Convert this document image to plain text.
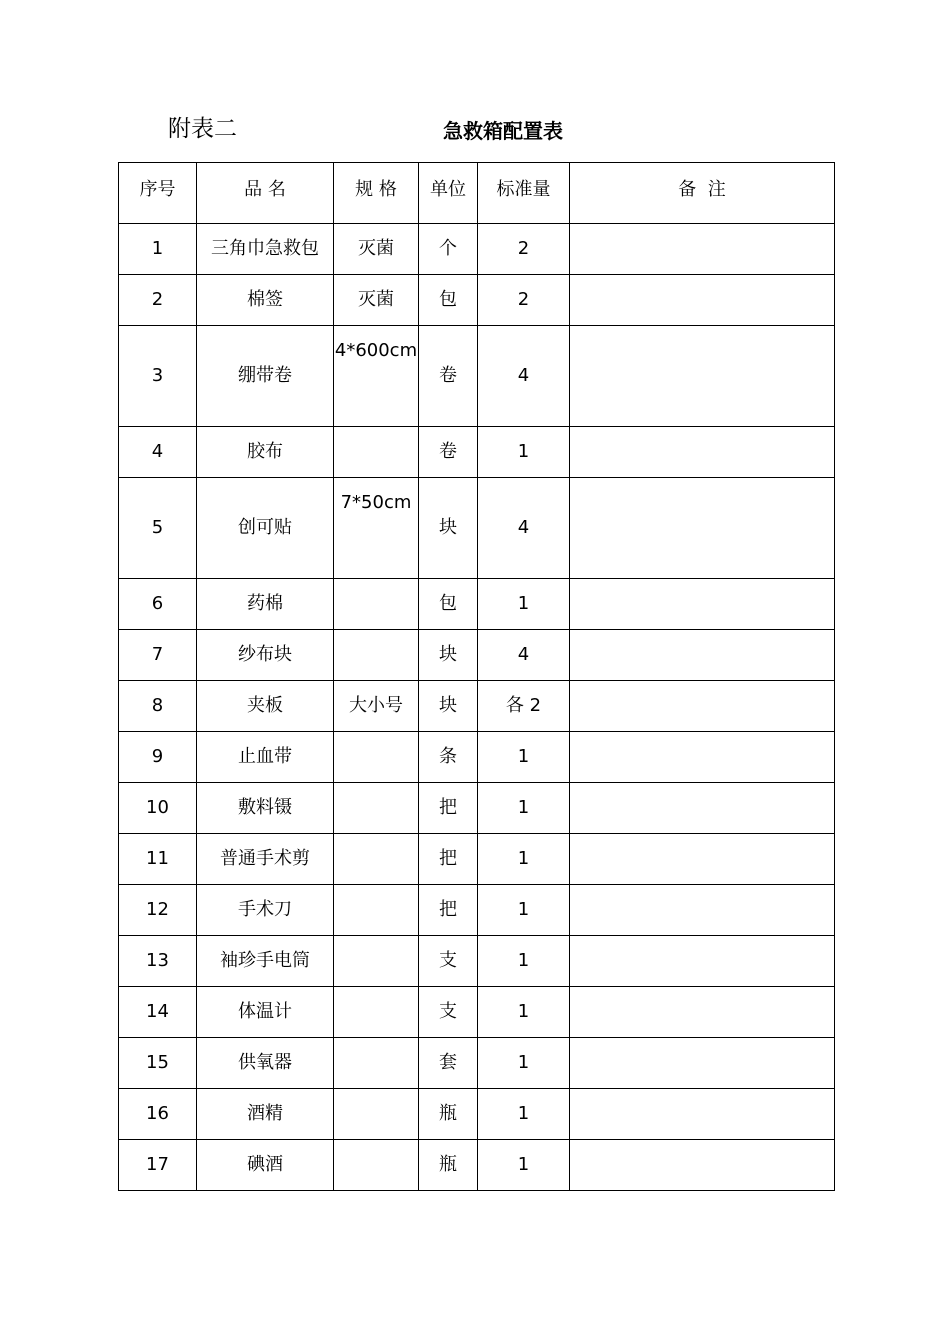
附表二	急救箱配置表
序号	品 名	规 格	单位	标准量	备  注
1	三角巾急救包	灭菌	个	2	
2	棉签	灭菌	包	2	
3	绷带卷	4*600cm	卷	4	
4	胶布		卷	1	
5	创可贴	7*50cm	块	4	
6	药棉		包	1	
7	纱布块		块	4	
8	夹板	大小号	块	各 2	
9	止血带		条	1	
10	敷料镊		把	1	
11	普通手术剪		把	1	
12	手术刀		把	1	
13	袖珍手电筒		支	1	
14	体温计		支	1	
15	供氧器		套	1	
16	酒精		瓶	1	
17	碘酒		瓶	1	
